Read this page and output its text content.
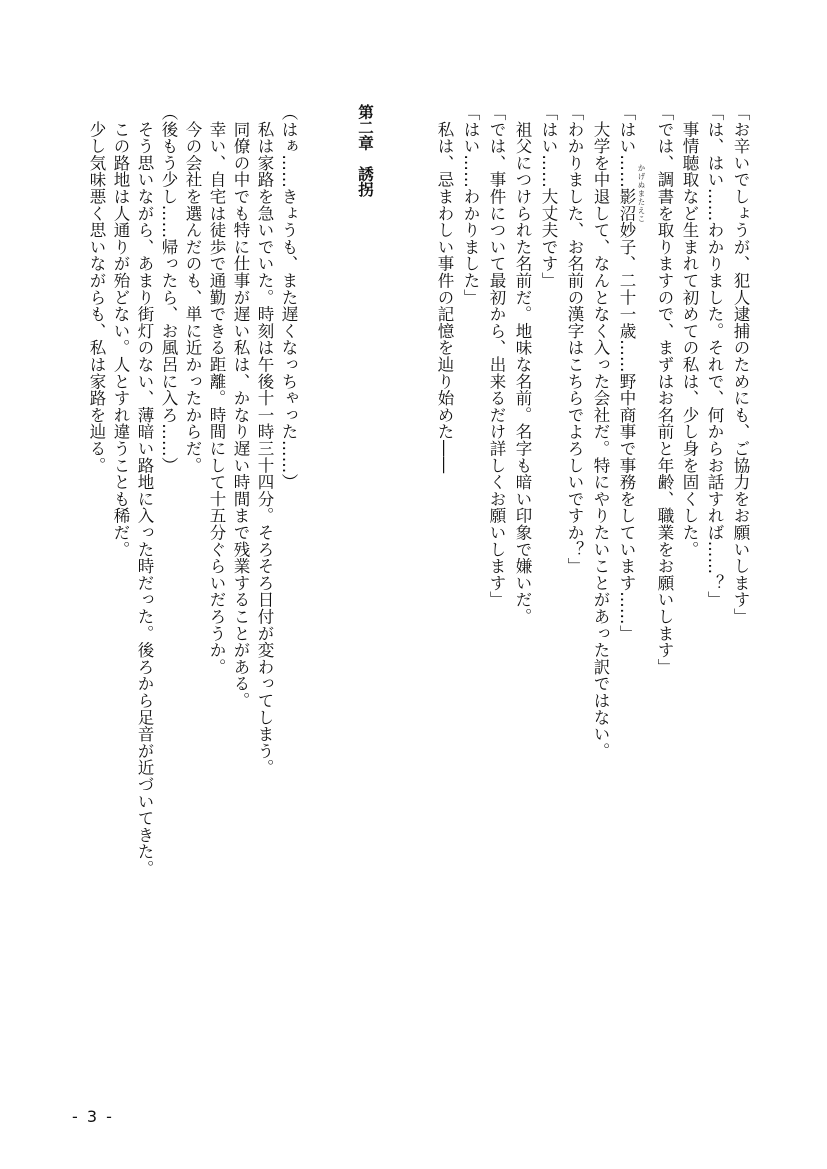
「お辛いでしょうが、犯人逮捕のためにも、ご協力をお願いします」
「は、はい……わかりました。それで、何からお話すれば……？」
　事情聴取など生まれて初めての私は、少し身を固くした。
「では、調書を取りますので、まずはお名前と年齢、職業をお願いします」
かげぬまたえこ
「はい……影沼妙子、二十一歳……野中商事で事務をしています……」
　大学を中退して、なんとなく入った会社だ。特にやりたいことがあった訳ではない。
「わかりました、お名前の漢字はこちらでよろしいですか？」
「はい……大丈夫です」
　祖父につけられた名前だ。地味な名前。名字も暗い印象で嫌いだ。
「では、事件について最初から、出来るだけ詳しくお願いします」
「はい……わかりました」
　私は、忌まわしい事件の記憶を辿り始めた――
第二章　誘拐
（はぁ……きょうも、また遅くなっちゃった……）
　私は家路を急いでいた。時刻は午後十一時三十四分。そろそろ日付が変わってしまう。
　同僚の中でも特に仕事が遅い私は、かなり遅い時間まで残業することがある。
　幸い、自宅は徒歩で通勤できる距離。時間にして十五分ぐらいだろうか。
　今の会社を選んだのも、単に近かったからだ。
（後もう少し……帰ったら、お風呂に入ろ……）
　そう思いながら、あまり街灯のない、薄暗い路地に入った時だった。後ろから足音が近づいてきた。
　この路地は人通りが殆どない。人とすれ違うことも稀だ。
　少し気味悪く思いながらも、私は家路を辿る。
- 3 -
